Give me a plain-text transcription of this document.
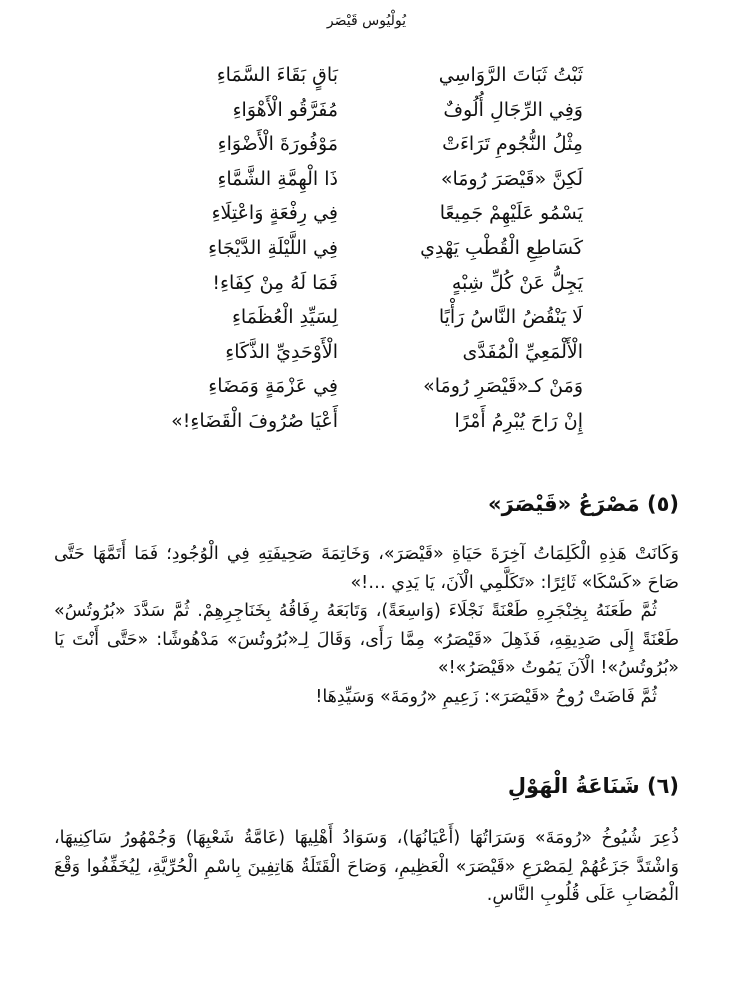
يُولْيُوس قَيْصَر
ثَبْتُ ثَبَاتَ الرَّوَاسِي
بَاقٍ بَقَاءَ السَّمَاءِ
وَفِي الرِّجَالِ أُلُوفٌ
مُفَرَّقُو الْأَهْوَاءِ
مِثْلُ النُّجُومِ تَرَاءَتْ
مَوْفُورَةَ الْأَضْوَاءِ
لَكِنَّ «قَيْصَرَ رُومَا»
ذَا الْهِمَّةِ الشَّمَّاءِ
يَسْمُو عَلَيْهِمْ جَمِيعًا
فِي رِفْعَةٍ وَاعْتِلَاءِ
كَسَاطِعِ الْقُطْبِ يَهْدِي
فِي اللَّيْلَةِ الدَّيْجَاءِ
يَجِلُّ عَنْ كُلِّ شِبْهٍ
فَمَا لَهُ مِنْ كِفَاءِ!
لَا يَنْقُضُ النَّاسُ رَأْيًا
لِسَيِّدِ الْعُظَمَاءِ
الْأَلْمَعِيِّ الْمُفَدَّى
الْأَوْحَدِيِّ الذَّكَاءِ
وَمَنْ كـ«قَيْصَرِ رُومَا»
فِي عَزْمَةٍ وَمَضَاءِ
إِنْ رَاحَ يُبْرِمُ أَمْرًا
أَعْيَا صُرُوفَ الْقَضَاءِ!»
(٥) مَصْرَعُ «قَيْصَرَ»

وَكَانَتْ هَذِهِ الْكَلِمَاتُ آخِرَةَ حَيَاةِ «قَيْصَرَ»، وَخَاتِمَةَ صَحِيفَتِهِ فِي الْوُجُودِ؛ فَمَا أَتَمَّهَا حَتَّى صَاحَ «كَسْكَا» ثَائِرًا: «تَكَلَّمِي الْآنَ، يَا يَدِي …!»

ثُمَّ طَعَنَهُ بِخِنْجَرِهِ طَعْنَةً نَجْلَاءَ (وَاسِعَةً)، وَتَابَعَهُ رِفَاقُهُ بِخَنَاجِرِهِمْ. ثُمَّ سَدَّدَ «بُرُوتُسُ» طَعْنَةً إِلَى صَدِيقِهِ، فَذَهِلَ «قَيْصَرُ» مِمَّا رَأَى، وَقَالَ لِـ«بُرُوتُسَ» مَدْهُوشًا: «حَتَّى أَنْتَ يَا «بُرُوتُسُ»! الْآنَ يَمُوتُ «قَيْصَرُ»!»

ثُمَّ فَاضَتْ رُوحُ «قَيْصَرَ»: زَعِيمِ «رُومَةَ» وَسَيِّدِهَا!

(٦) شَنَاعَةُ الْهَوْلِ

ذُعِرَ شُيُوخُ «رُومَةَ» وَسَرَاتُهَا (أَعْيَانُهَا)، وَسَوَادُ أَهْلِيهَا (عَامَّةُ شَعْبِهَا) وَجُمْهُورُ سَاكِنِيهَا، وَاشْتَدَّ جَزَعُهُمْ لِمَصْرَعِ «قَيْصَرَ» الْعَظِيمِ، وَصَاحَ الْقَتَلَةُ هَاتِفِينَ بِاسْمِ الْحُرِّيَّةِ، لِيُخَفِّفُوا وَقْعَ الْمُصَابِ عَلَى قُلُوبِ النَّاسِ.
